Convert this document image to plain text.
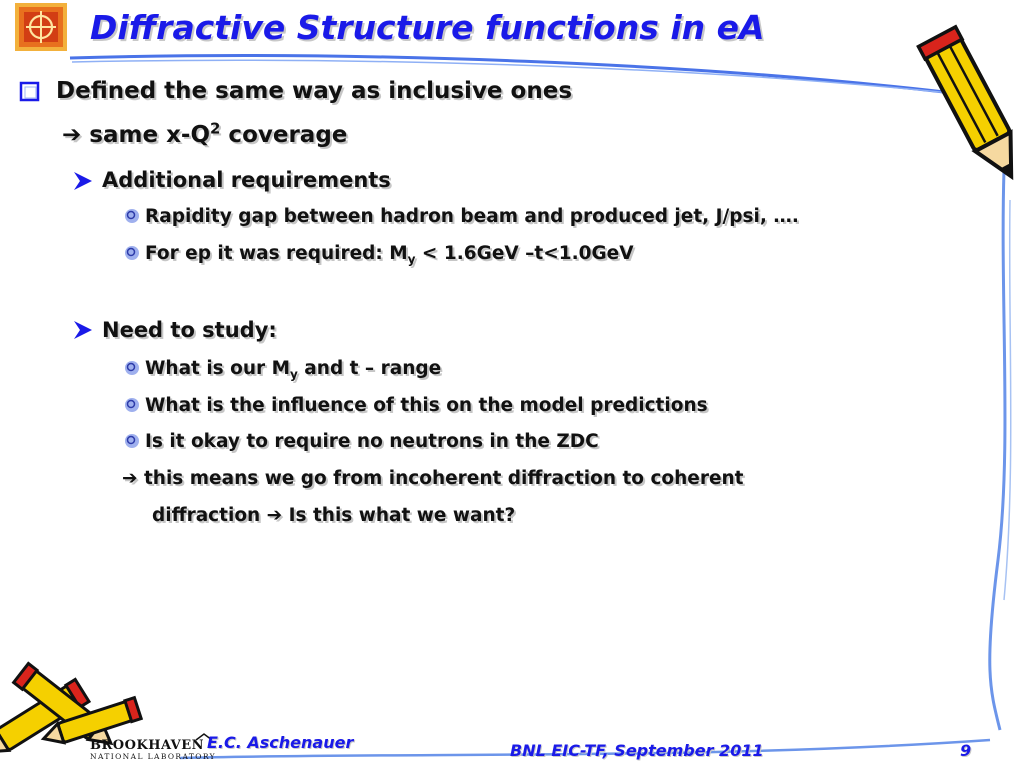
Diffractive Structure functions in eA
Defined the same way as inclusive ones
➔ same $x-Q^2$ coverage
Additional requirements
Rapidity gap between hadron beam and produced jet, J/psi, ….
For ep it was required: $M_y < 1.6GeV$ –t<1.0GeV
Need to study:
What is our $M_y$ and t – range
What is the influence of this on the model predictions
Is it okay to require no neutrons in the ZDC
➔ this means we go from incoherent diffraction to coherent
diffraction ➔ Is this what we want?
BROOKHAVEN
NATIONAL LABORATORY
E.C. Aschenauer	BNL EIC-TF, September 2011	9
